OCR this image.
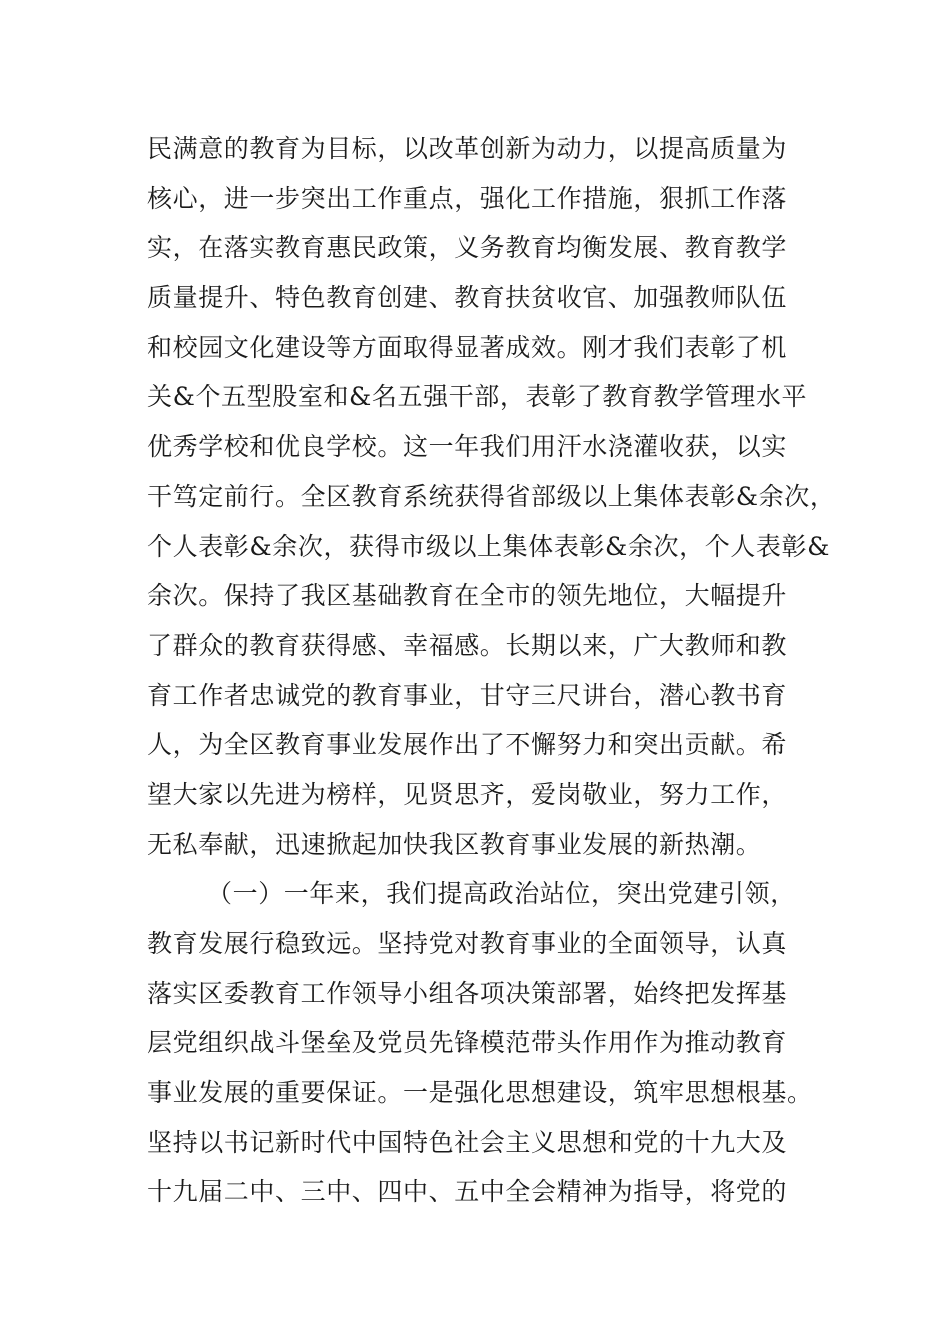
民满意的教育为目标，以改革创新为动力，以提高质量为
核心，进一步突出工作重点，强化工作措施，狠抓工作落
实，在落实教育惠民政策，义务教育均衡发展、教育教学
质量提升、特色教育创建、教育扶贫收官、加强教师队伍
和校园文化建设等方面取得显著成效。刚才我们表彰了机
关&个五型股室和&名五强干部，表彰了教育教学管理水平
优秀学校和优良学校。这一年我们用汗水浇灌收获，以实
干笃定前行。全区教育系统获得省部级以上集体表彰&余次，
个人表彰&余次，获得市级以上集体表彰&余次，个人表彰&
余次。保持了我区基础教育在全市的领先地位，大幅提升
了群众的教育获得感、幸福感。长期以来，广大教师和教
育工作者忠诚党的教育事业，甘守三尺讲台，潜心教书育
人，为全区教育事业发展作出了不懈努力和突出贡献。希
望大家以先进为榜样，见贤思齐，爱岗敬业，努力工作，
无私奉献，迅速掀起加快我区教育事业发展的新热潮。
（一）一年来，我们提高政治站位，突出党建引领，
教育发展行稳致远。坚持党对教育事业的全面领导，认真
落实区委教育工作领导小组各项决策部署，始终把发挥基
层党组织战斗堡垒及党员先锋模范带头作用作为推动教育
事业发展的重要保证。一是强化思想建设，筑牢思想根基。
坚持以书记新时代中国特色社会主义思想和党的十九大及
十九届二中、三中、四中、五中全会精神为指导，将党的
